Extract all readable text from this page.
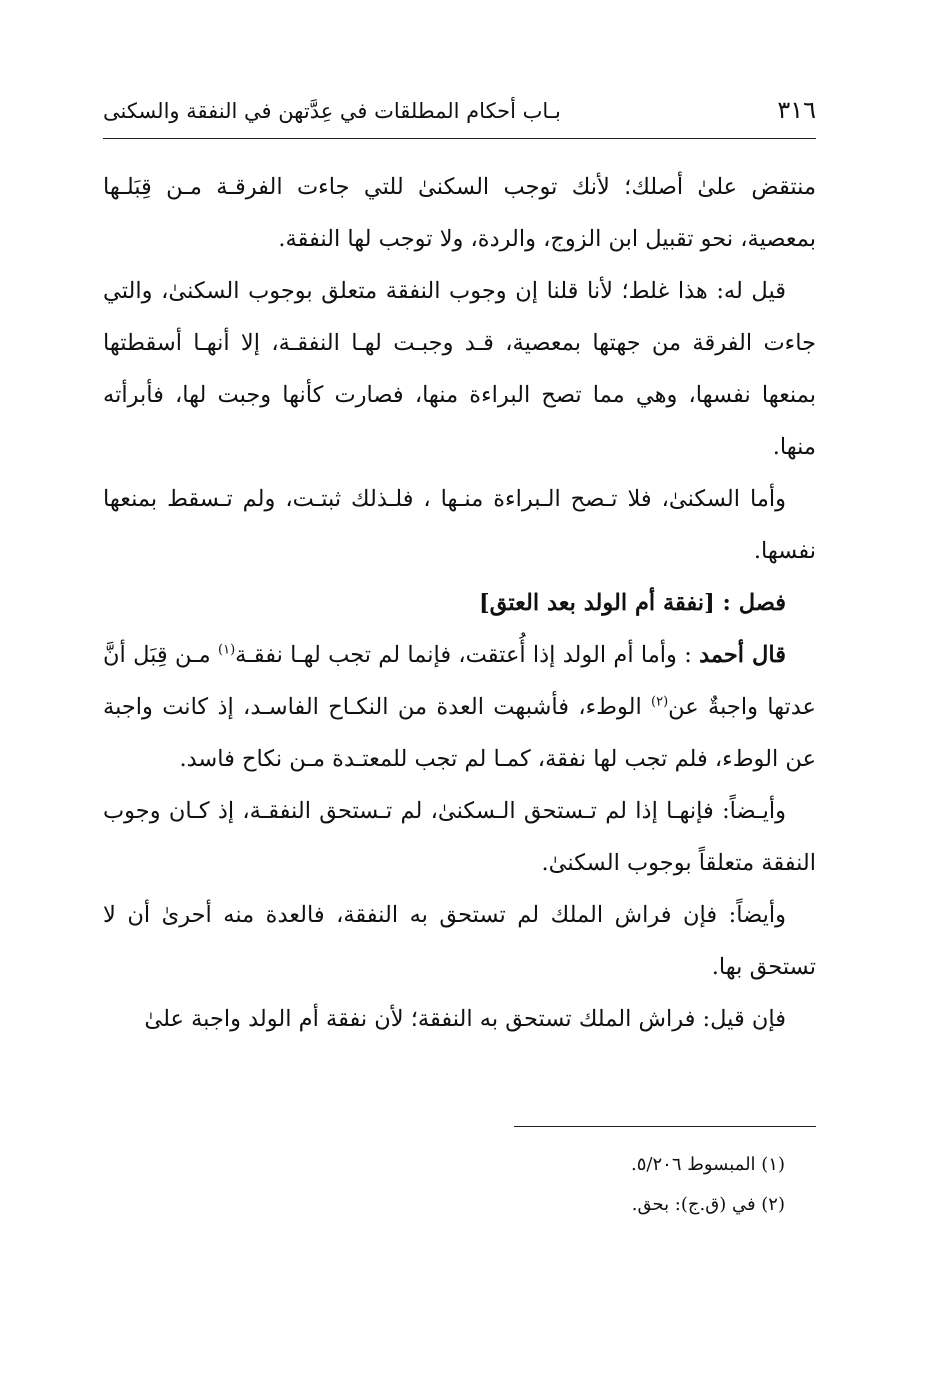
٣١٦
بـاب أحكام المطلقات في عِدَّتهن في النفقة والسكنى

منتقض علىٰ أصلك؛ لأنك توجب السكنىٰ للتي جاءت الفرقـة مـن قِبَلـها بمعصية، نحو تقبيل ابن الزوج، والردة، ولا توجب لها النفقة.

قيل له: هذا غلط؛ لأنا قلنا إن وجوب النفقة متعلق بوجوب السكنىٰ، والتي جاءت الفرقة من جهتها بمعصية، قـد وجبـت لهـا النفقـة، إلا أنهـا أسقطتها بمنعها نفسها، وهي مما تصح البراءة منها، فصارت كأنها وجبت لها، فأبرأته منها.

وأما السكنىٰ، فلا تـصح الـبراءة منـها ، فلـذلك ثبتـت، ولم تـسقط بمنعها نفسها.

فصل : [نفقة أم الولد بعد العتق]

قال أحمد : وأما أم الولد إذا أُعتقت، فإنما لم تجب لهـا نفقـة$^{(١)}$ مـن قِبَل أنَّ عدتها واجبةٌ عن$^{(٢)}$ الوطء، فأشبهت العدة من النكـاح الفاسـد، إذ كانت واجبة عن الوطء، فلم تجب لها نفقة، كمـا لم تجب للمعتـدة مـن نكاح فاسد.

وأيـضاً: فإنهـا إذا لم تـستحق الـسكنىٰ، لم تـستحق النفقـة، إذ كـان وجوب النفقة متعلقاً بوجوب السكنىٰ.

وأيضاً: فإن فراش الملك لم تستحق به النفقة، فالعدة منه أحرىٰ أن لا تستحق بها.

فإن قيل: فراش الملك تستحق به النفقة؛ لأن نفقة أم الولد واجبة علىٰ

(١) المبسوط ٥/٢٠٦.

(٢) في (ق.ج): بحق.
